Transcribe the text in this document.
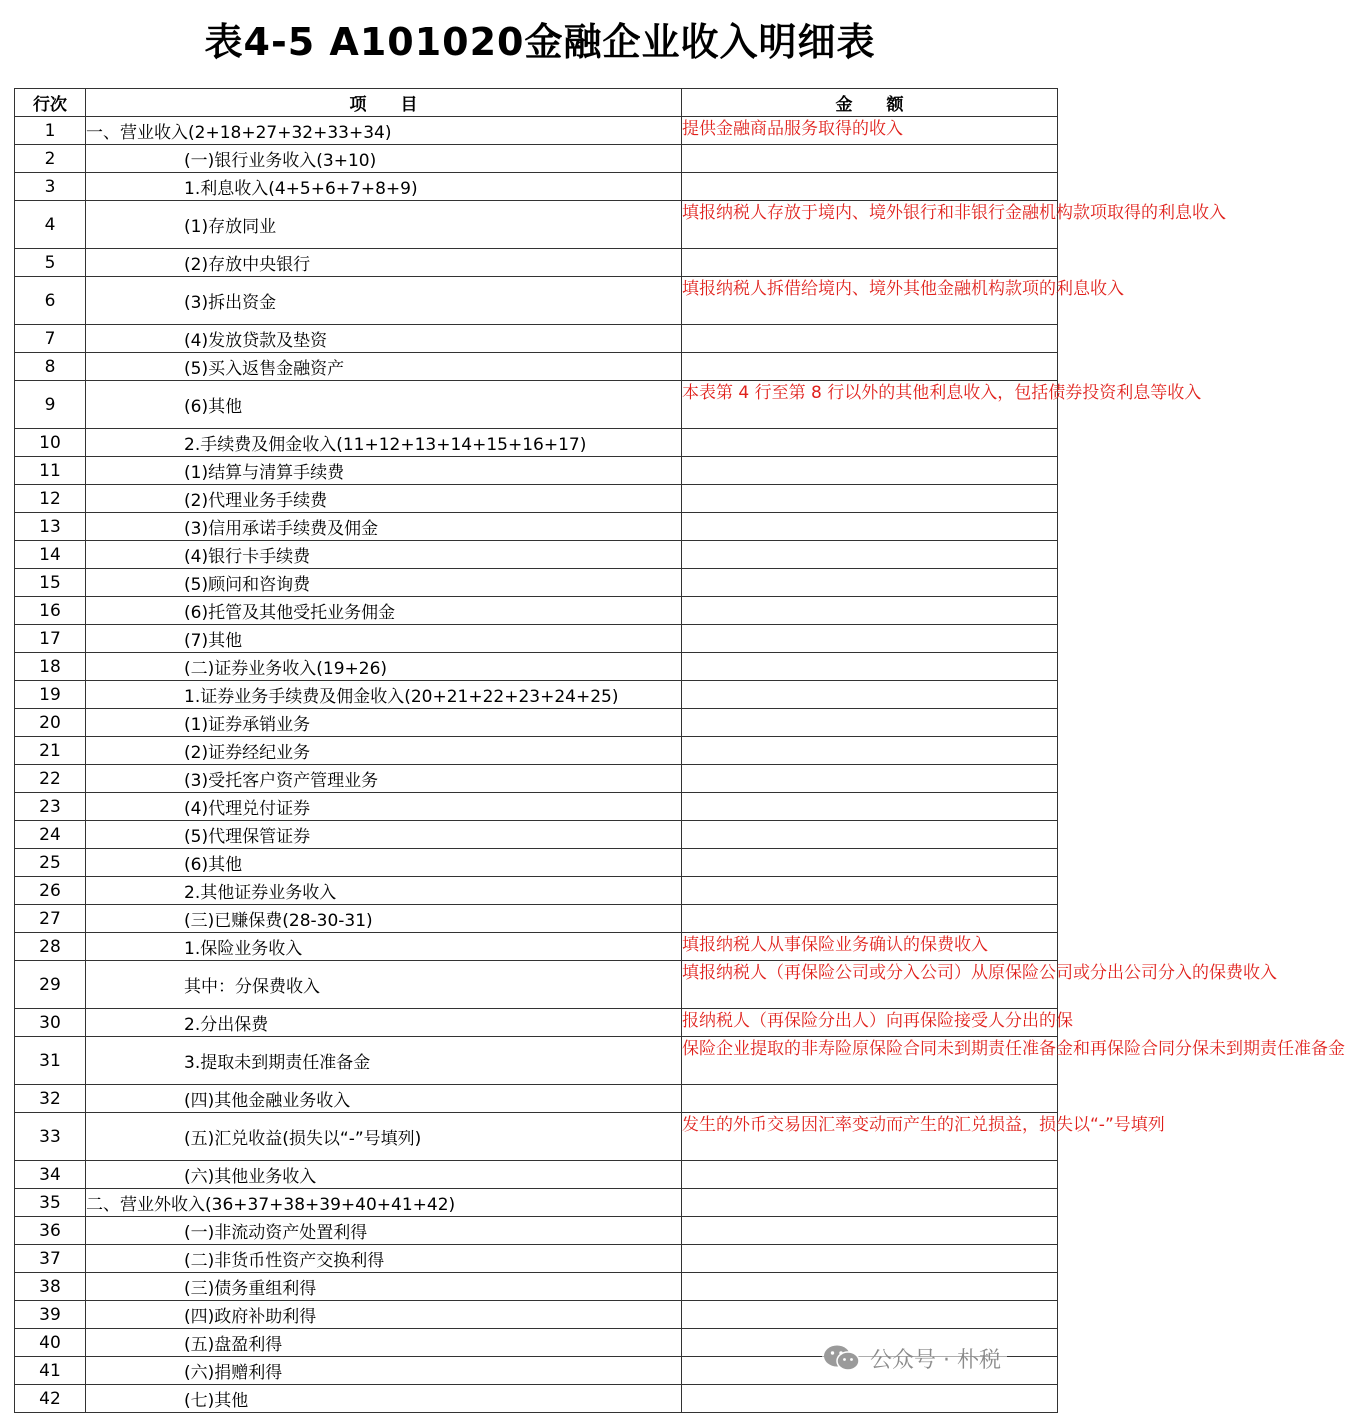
表4-5 A101020金融企业收入明细表
行次	项　　目	金　　额
1	一、营业收入(2+18+27+32+33+34)	提供金融商品服务取得的收入
2	(一)银行业务收入(3+10)	
3	1.利息收入(4+5+6+7+8+9)	
4	(1)存放同业	填报纳税人存放于境内、境外银行和非银行金融机构款项取得的利息收入
5	(2)存放中央银行	
6	(3)拆出资金	填报纳税人拆借给境内、境外其他金融机构款项的利息收入
7	(4)发放贷款及垫资	
8	(5)买入返售金融资产	
9	(6)其他	本表第 4 行至第 8 行以外的其他利息收入，包括债券投资利息等收入
10	2.手续费及佣金收入(11+12+13+14+15+16+17)	
11	(1)结算与清算手续费	
12	(2)代理业务手续费	
13	(3)信用承诺手续费及佣金	
14	(4)银行卡手续费	
15	(5)顾问和咨询费	
16	(6)托管及其他受托业务佣金	
17	(7)其他	
18	(二)证券业务收入(19+26)	
19	1.证券业务手续费及佣金收入(20+21+22+23+24+25)	
20	(1)证券承销业务	
21	(2)证券经纪业务	
22	(3)受托客户资产管理业务	
23	(4)代理兑付证券	
24	(5)代理保管证券	
25	(6)其他	
26	2.其他证券业务收入	
27	(三)已赚保费(28-30-31)	
28	1.保险业务收入	填报纳税人从事保险业务确认的保费收入
29	其中：分保费收入	填报纳税人（再保险公司或分入公司）从原保险公司或分出公司分入的保费收入
30	2.分出保费	报纳税人（再保险分出人）向再保险接受人分出的保
31	3.提取未到期责任准备金	保险企业提取的非寿险原保险合同未到期责任准备金和再保险合同分保未到期责任准备金
32	(四)其他金融业务收入	
33	(五)汇兑收益(损失以“-”号填列)	发生的外币交易因汇率变动而产生的汇兑损益，损失以“-”号填列
34	(六)其他业务收入	
35	二、营业外收入(36+37+38+39+40+41+42)	
36	(一)非流动资产处置利得	
37	(二)非货币性资产交换利得	
38	(三)债务重组利得	
39	(四)政府补助利得	
40	(五)盘盈利得	
41	(六)捐赠利得	
42	(七)其他	
公众号 · 朴税
